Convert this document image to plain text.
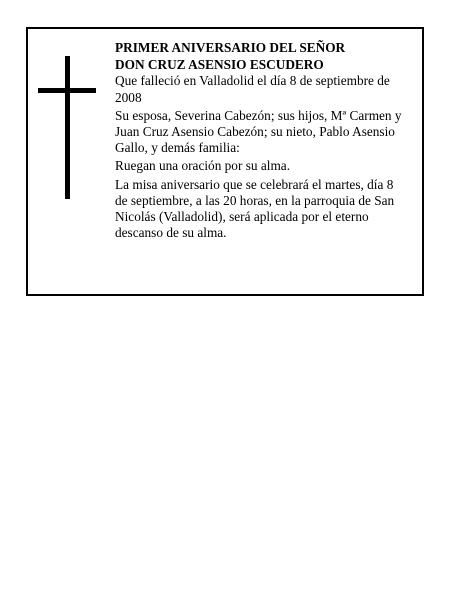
PRIMER ANIVERSARIO DEL SEÑOR

DON CRUZ ASENSIO ESCUDERO

Que falleció en Valladolid el día 8 de septiembre de 2008

Su esposa, Severina Cabezón; sus hijos, Mª Carmen y Juan Cruz Asensio Cabezón; su nieto, Pablo Asensio Gallo, y demás familia:

Ruegan una oración por su alma.

La misa aniversario que se celebrará el martes, día 8 de septiembre, a las 20 horas, en la parroquia de San Nicolás (Valladolid), será aplicada por el eterno descanso de su alma.
